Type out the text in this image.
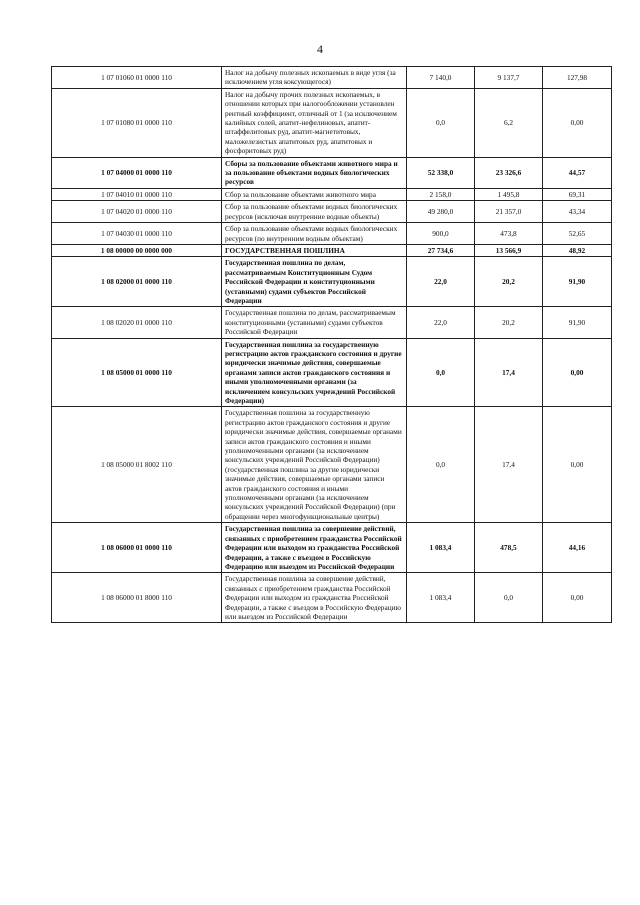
4
1 07 01060 01 0000 110	Налог на добычу полезных ископаемых в виде угля (за исключением угля коксующегося)	7 140,0	9 137,7	127,98
1 07 01080 01 0000 110	Налог на добычу прочих полезных ископаемых, в отношении которых при налогообложении установлен рентный коэффициент, отличный от 1 (за исключением калийных солей, апатит-нефелиновых, апатит-штаффелитовых руд, апатит-магнетитовых, маложелезистых апатитовых руд, апатитовых и фосфоритовых руд)	0,0	6,2	0,00
1 07 04000 01 0000 110	Сборы за пользование объектами животного мира и за пользование объектами водных биологических ресурсов	52 338,0	23 326,6	44,57
1 07 04010 01 0000 110	Сбор за пользование объектами животного мира	2 158,0	1 495,8	69,31
1 07 04020 01 0000 110	Сбор за пользование объектами водных биологических ресурсов (исключая внутренние водные объекты)	49 280,0	21 357,0	43,34
1 07 04030 01 0000 110	Сбор за пользование объектами водных биологических ресурсов (по внутренним водным объектам)	900,0	473,8	52,65
1 08 00000 00 0000 000	ГОСУДАРСТВЕННАЯ ПОШЛИНА	27 734,6	13 566,9	48,92
1 08 02000 01 0000 110	Государственная пошлина по делам, рассматриваемым Конституционным Судом Российской Федерации и конституционными (уставными) судами субъектов Российской Федерации	22,0	20,2	91,90
1 08 02020 01 0000 110	Государственная пошлина по делам, рассматриваемым конституционными (уставными) судами субъектов Российской Федерации	22,0	20,2	91,90
1 08 05000 01 0000 110	Государственная пошлина за государственную регистрацию актов гражданского состояния и другие юридически значимые действия, совершаемые органами записи актов гражданского состояния и иными уполномоченными органами (за исключением консульских учреждений Российской Федерации)	0,0	17,4	0,00
1 08 05000 01 8002 110	Государственная пошлина за государственную регистрацию актов гражданского состояния и другие юридически значимые действия, совершаемые органами записи актов гражданского состояния и иными уполномоченными органами (за исключением консульских учреждений Российской Федерации) (государственная пошлина за другие юридически значимые действия, совершаемые органами записи актов гражданского состояния и иными уполномоченными органами (за исключением консульских учреждений Российской Федерации) (при обращении через многофункциональные центры)	0,0	17,4	0,00
1 08 06000 01 0000 110	Государственная пошлина за совершение действий, связанных с приобретением гражданства Российской Федерации или выходом из гражданства Российской Федерации, а также с въездом в Российскую Федерацию или выездом из Российской Федерации	1 083,4	478,5	44,16
1 08 06000 01 8000 110	Государственная пошлина за совершение действий, связанных с приобретением гражданства Российской Федерации или выходом из гражданства Российской Федерации, а также с въездом в Российскую Федерацию или выездом из Российской Федерации	1 083,4	0,0	0,00
